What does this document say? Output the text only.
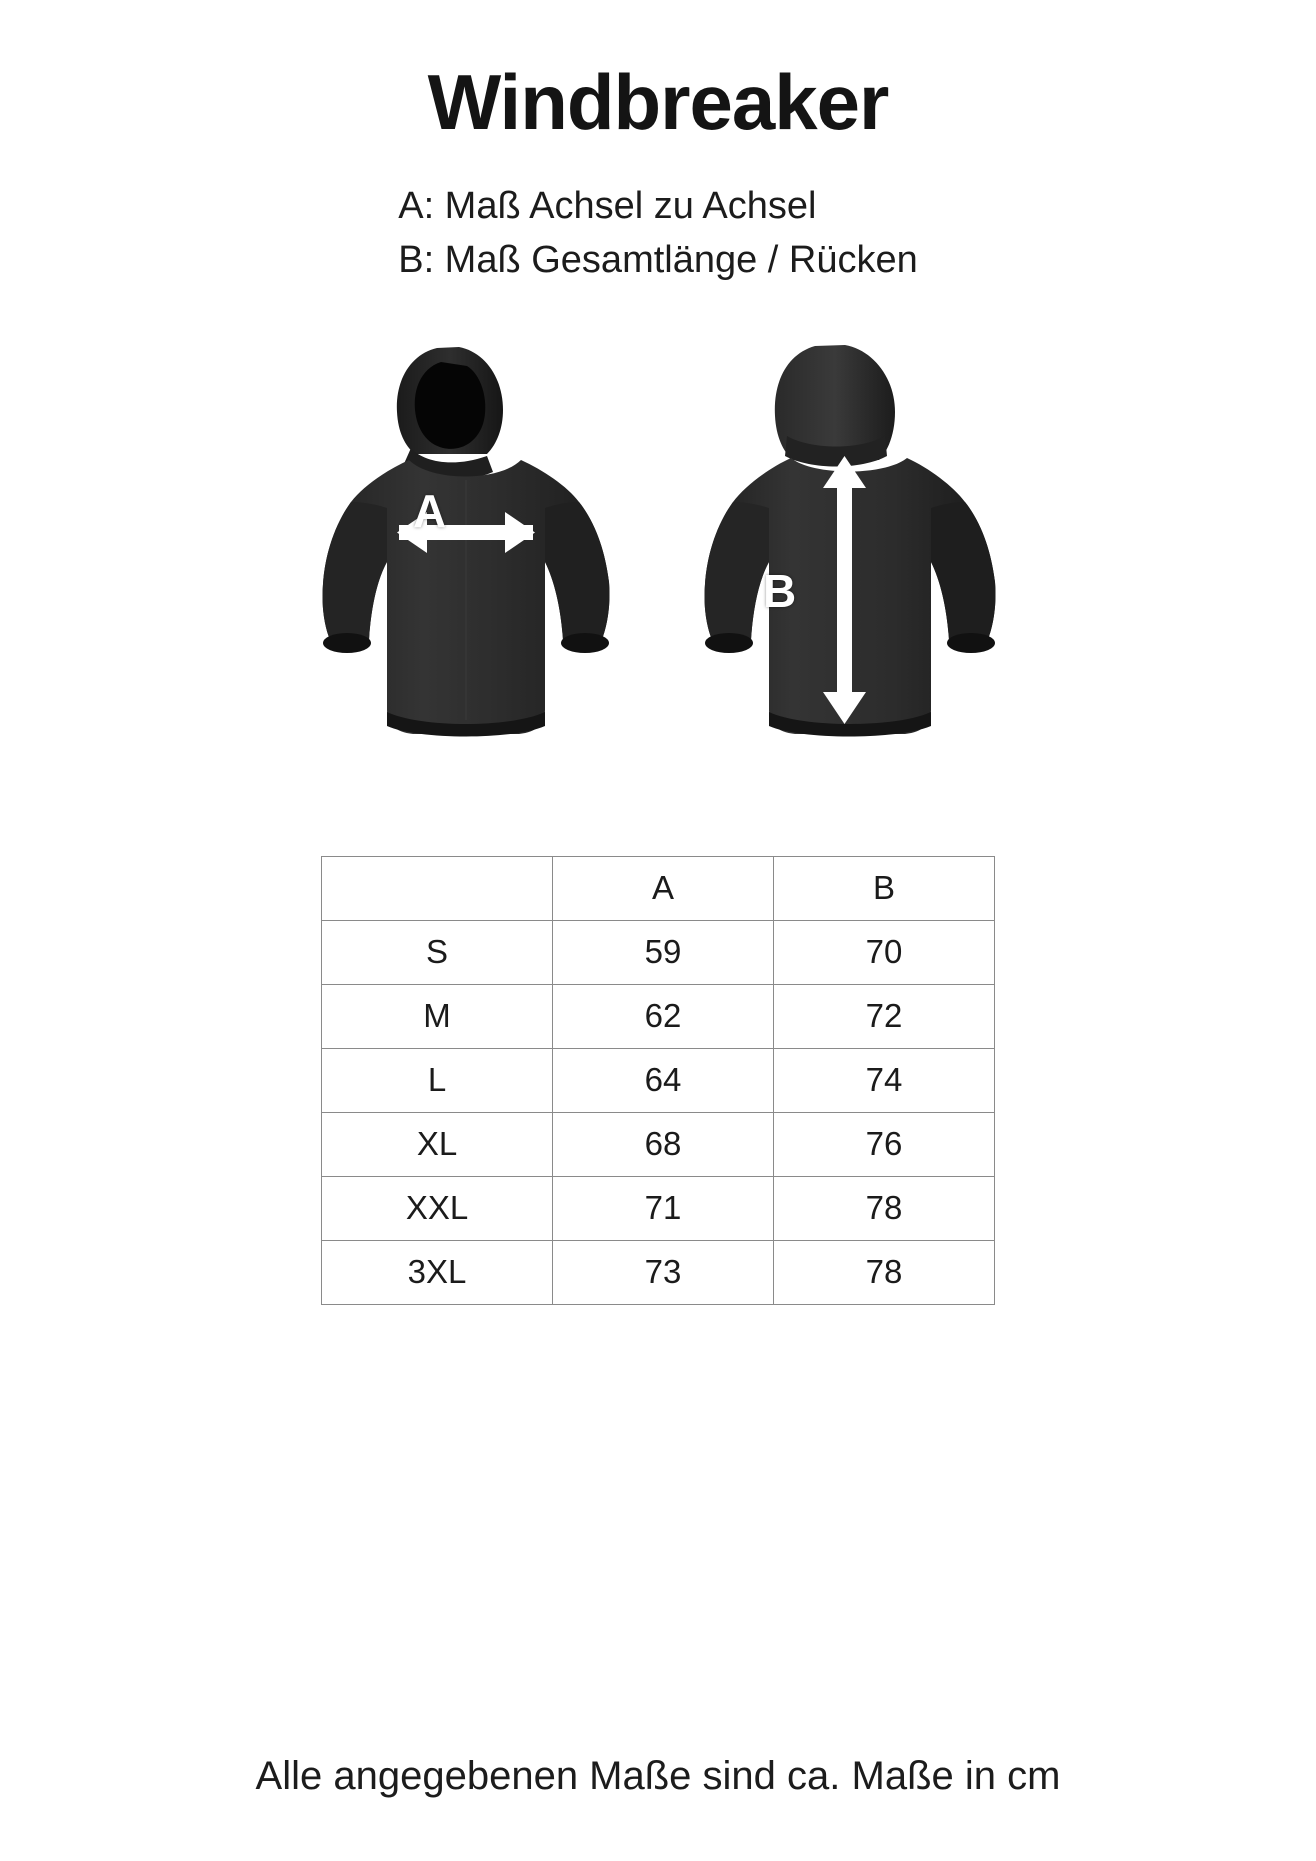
Windbreaker
A: Maß Achsel zu Achsel
B: Maß Gesamtlänge / Rücken
A
B
	A	B
S	59	70
M	62	72
L	64	74
XL	68	76
XXL	71	78
3XL	73	78
Alle angegebenen Maße sind ca. Maße in cm
